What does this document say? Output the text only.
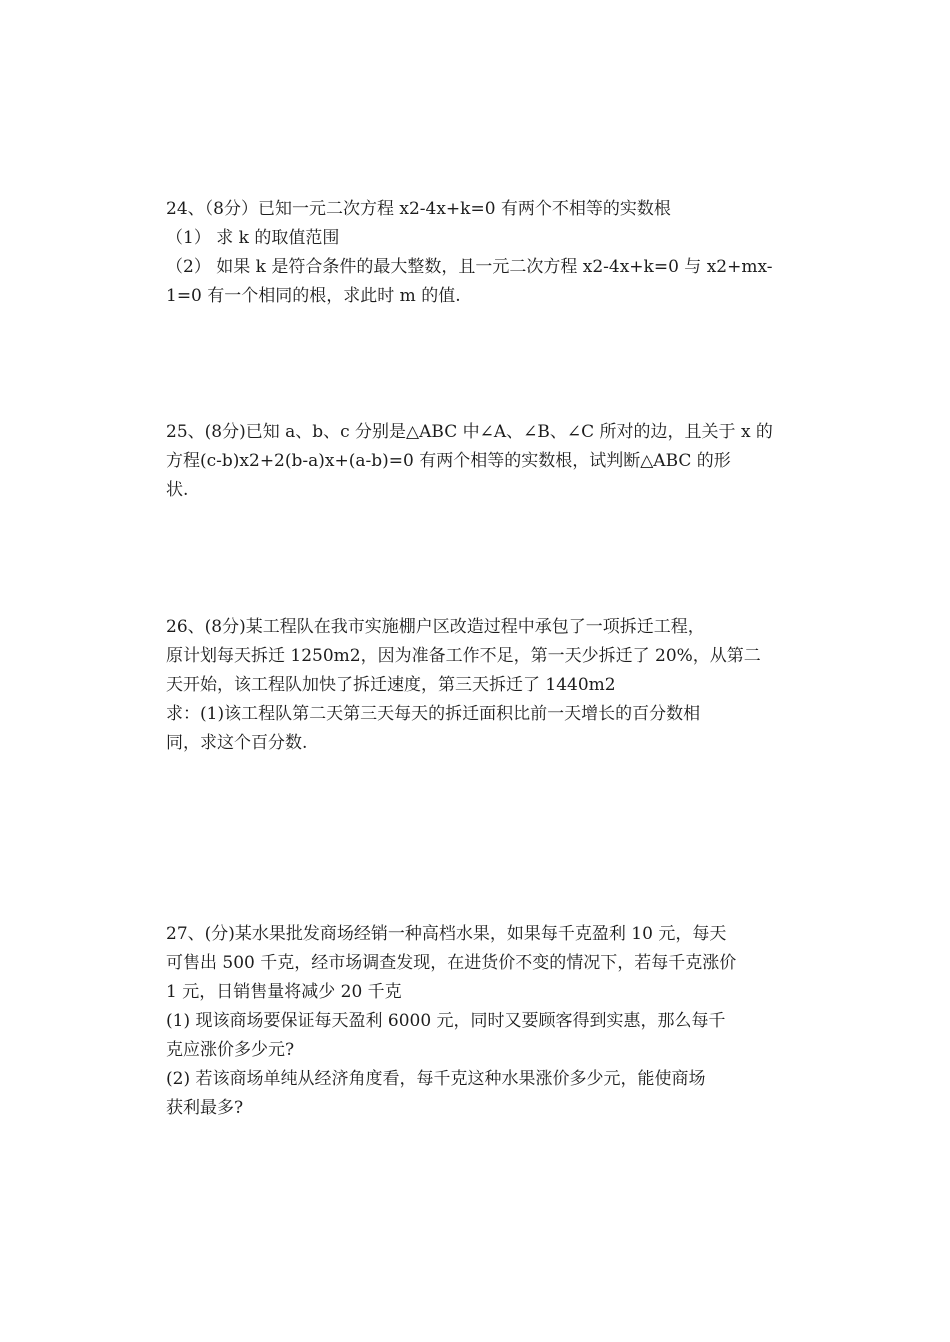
24、（8分）已知一元二次方程 x2-4x+k=0 有两个不相等的实数根
（1） 求 k 的取值范围
（2） 如果 k 是符合条件的最大整数，且一元二次方程 x2-4x+k=0 与 x2+mx-
1=0 有一个相同的根，求此时 m 的值.
25、(8分)已知 a、b、c 分别是△ABC 中∠A、∠B、∠C 所对的边，且关于 x 的
方程(c-b)x2+2(b-a)x+(a-b)=0 有两个相等的实数根，试判断△ABC 的形
状.
26、(8分)某工程队在我市实施棚户区改造过程中承包了一项拆迁工程，
原计划每天拆迁 1250m2，因为准备工作不足，第一天少拆迁了 20%，从第二
天开始，该工程队加快了拆迁速度，第三天拆迁了 1440m2
求：(1)该工程队第二天第三天每天的拆迁面积比前一天增长的百分数相
同，求这个百分数.
27、(分)某水果批发商场经销一种高档水果，如果每千克盈利 10 元，每天
可售出 500 千克，经市场调查发现，在进货价不变的情况下，若每千克涨价
1 元，日销售量将减少 20 千克
(1) 现该商场要保证每天盈利 6000 元，同时又要顾客得到实惠，那么每千
克应涨价多少元?
(2) 若该商场单纯从经济角度看，每千克这种水果涨价多少元，能使商场
获利最多?
